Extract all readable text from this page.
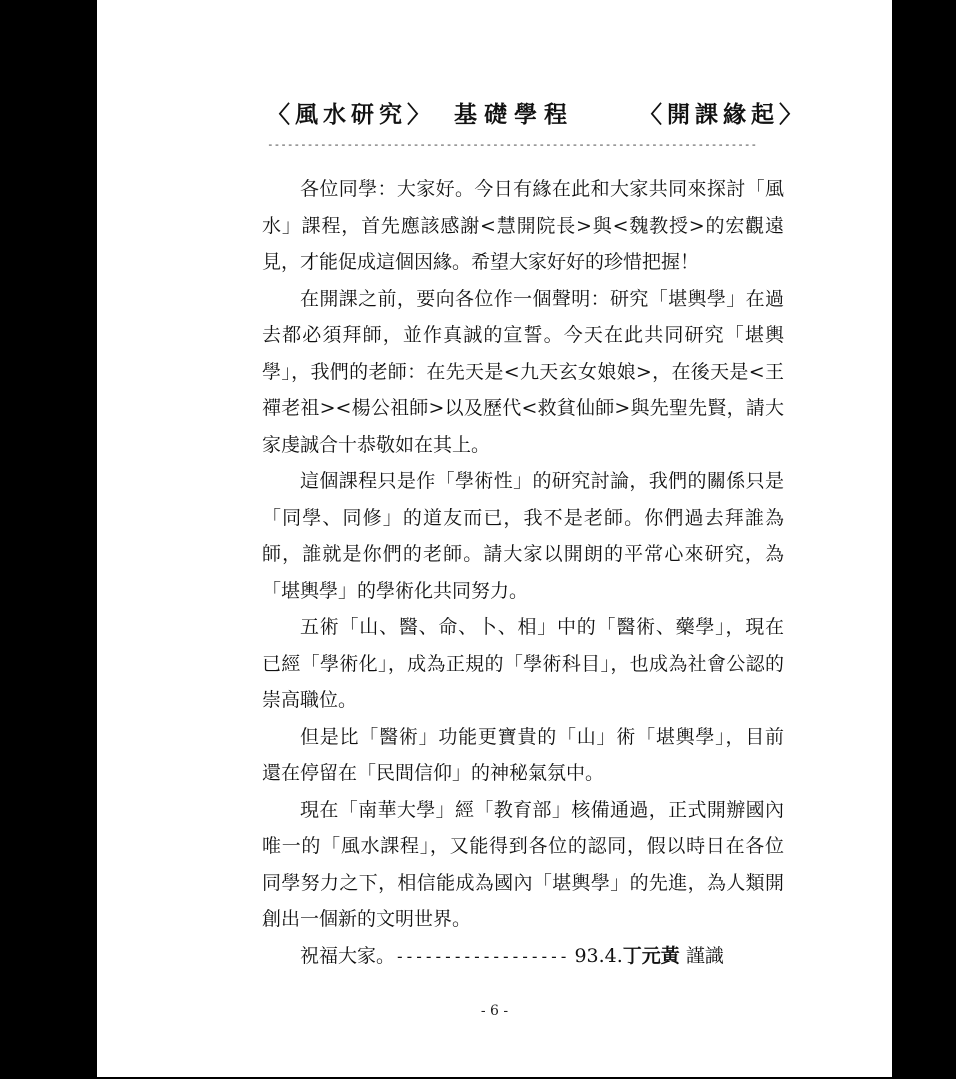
〈風水研究〉 基礎學程	〈開課緣起〉
--------------------------------------------------------------------------

各位同學：大家好。今日有緣在此和大家共同來探討「風水」課程，首先應該感謝<慧開院長>與<魏教授>的宏觀遠見，才能促成這個因緣。希望大家好好的珍惜把握！

在開課之前，要向各位作一個聲明：研究「堪輿學」在過去都必須拜師，並作真誠的宣誓。今天在此共同研究「堪輿學」，我們的老師：在先天是<九天玄女娘娘>，在後天是<王禪老祖><楊公祖師>以及歷代<救貧仙師>與先聖先賢，請大家虔誠合十恭敬如在其上。

這個課程只是作「學術性」的研究討論，我們的關係只是「同學、同修」的道友而已，我不是老師。你們過去拜誰為師，誰就是你們的老師。請大家以開朗的平常心來研究，為「堪輿學」的學術化共同努力。

五術「山、醫、命、卜、相」中的「醫術、藥學」，現在已經「學術化」，成為正規的「學術科目」，也成為社會公認的崇高職位。

但是比「醫術」功能更寶貴的「山」術「堪輿學」，目前還在停留在「民間信仰」的神秘氣氛中。

現在「南華大學」經「教育部」核備通過，正式開辦國內唯一的「風水課程」，又能得到各位的認同，假以時日在各位同學努力之下，相信能成為國內「堪輿學」的先進，為人類開創出一個新的文明世界。

祝福大家。------------------ 93.4.丁元黃 謹識

- 6 -
